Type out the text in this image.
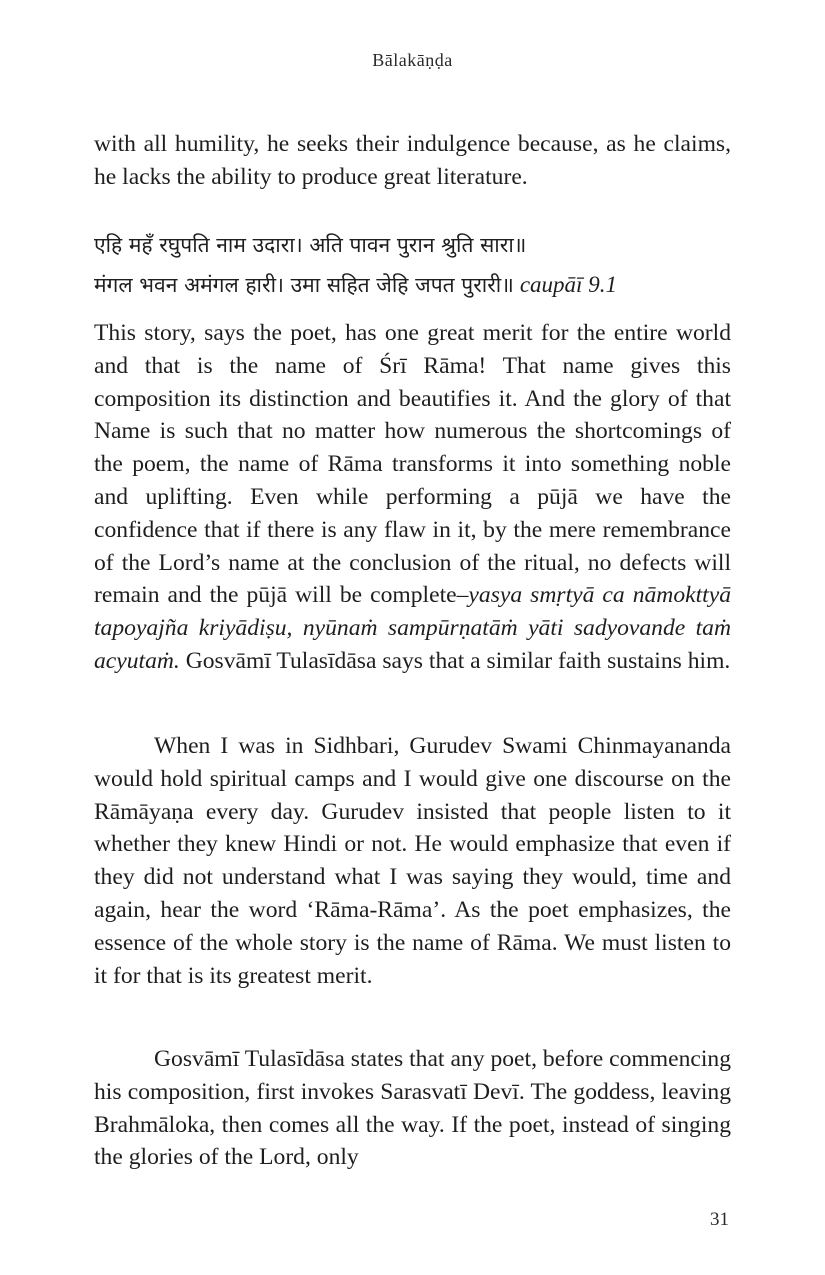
Bālakāṇḍa

with all humility, he seeks their indulgence because, as he claims, he lacks the ability to produce great literature.

एहि महँ रघुपति नाम उदारा। अति पावन पुरान श्रुति सारा॥
मंगल भवन अमंगल हारी। उमा सहित जेहि जपत पुरारी॥ caupāī 9.1

This story, says the poet, has one great merit for the entire world and that is the name of Śrī Rāma! That name gives this composition its distinction and beautifies it. And the glory of that Name is such that no matter how numerous the shortcomings of the poem, the name of Rāma transforms it into something noble and uplifting. Even while performing a pūjā we have the confidence that if there is any flaw in it, by the mere remembrance of the Lord’s name at the conclusion of the ritual, no defects will remain and the pūjā will be complete–yasya smṛtyā ca nāmokttyā tapoyajña kriyādiṣu, nyūnaṁ sampūrṇatāṁ yāti sadyovande taṁ acyutaṁ. Gosvāmī Tulasīdāsa says that a similar faith sustains him.

When I was in Sidhbari, Gurudev Swami Chinmayananda would hold spiritual camps and I would give one discourse on the Rāmāyaṇa every day. Gurudev insisted that people listen to it whether they knew Hindi or not. He would emphasize that even if they did not understand what I was saying they would, time and again, hear the word ‘Rāma-Rāma’. As the poet emphasizes, the essence of the whole story is the name of Rāma. We must listen to it for that is its greatest merit.

Gosvāmī Tulasīdāsa states that any poet, before commencing his composition, first invokes Sarasvatī Devī. The goddess, leaving Brahmāloka, then comes all the way. If the poet, instead of singing the glories of the Lord, only

31
